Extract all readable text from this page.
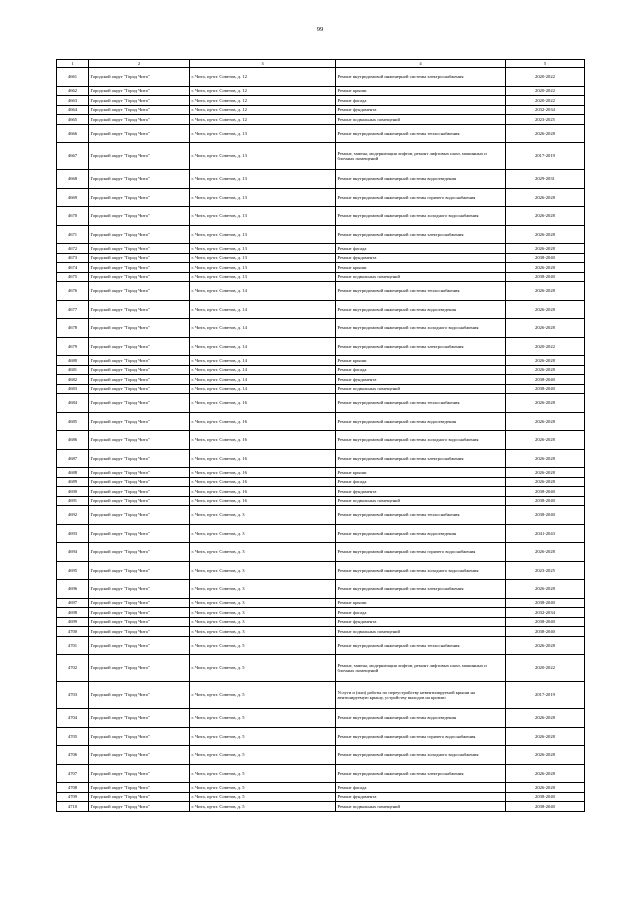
99
1	2	3	4	5
4661	Городской округ "Город Чита"	г. Чита, пр-кт. Советов, д. 12	Ремонт внутридомовой инженерной системы электроснабжения	2020-2022
4662	Городской округ "Город Чита"	г. Чита, пр-кт. Советов, д. 12	Ремонт крыши	2020-2022
4663	Городской округ "Город Чита"	г. Чита, пр-кт. Советов, д. 12	Ремонт фасада	2020-2022
4664	Городской округ "Город Чита"	г. Чита, пр-кт. Советов, д. 12	Ремонт фундамента	2032-2034
4665	Городской округ "Город Чита"	г. Чита, пр-кт. Советов, д. 12	Ремонт подвальных помещений	2023-2025
4666	Городской округ "Город Чита"	г. Чита, пр-кт. Советов, д. 13	Ремонт внутридомовой инженерной системы теплоснабжения	2026-2028
4667	Городской округ "Город Чита"	г. Чита, пр-кт. Советов, д. 13	Ремонт, замена, модернизация лифтов, ремонт лифтовых шахт, машинных и блочных помещений	2017-2019
4668	Городской округ "Город Чита"	г. Чита, пр-кт. Советов, д. 13	Ремонт внутридомовой инженерной системы водоотведения	2029-2031
4669	Городской округ "Город Чита"	г. Чита, пр-кт. Советов, д. 13	Ремонт внутридомовой инженерной системы горячего водоснабжения	2026-2028
4670	Городской округ "Город Чита"	г. Чита, пр-кт. Советов, д. 13	Ремонт внутридомовой инженерной системы холодного водоснабжения	2026-2028
4671	Городской округ "Город Чита"	г. Чита, пр-кт. Советов, д. 13	Ремонт внутридомовой инженерной системы электроснабжения	2026-2028
4672	Городской округ "Город Чита"	г. Чита, пр-кт. Советов, д. 13	Ремонт фасада	2026-2028
4673	Городской округ "Город Чита"	г. Чита, пр-кт. Советов, д. 13	Ремонт фундамента	2038-2040
4674	Городской округ "Город Чита"	г. Чита, пр-кт. Советов, д. 13	Ремонт крыши	2026-2028
4675	Городской округ "Город Чита"	г. Чита, пр-кт. Советов, д. 13	Ремонт подвальных помещений	2038-2040
4676	Городской округ "Город Чита"	г. Чита, пр-кт. Советов, д. 14	Ремонт внутридомовой инженерной системы теплоснабжения	2026-2028
4677	Городской округ "Город Чита"	г. Чита, пр-кт. Советов, д. 14	Ремонт внутридомовой инженерной системы водоотведения	2026-2028
4678	Городской округ "Город Чита"	г. Чита, пр-кт. Советов, д. 14	Ремонт внутридомовой инженерной системы холодного водоснабжения	2026-2028
4679	Городской округ "Город Чита"	г. Чита, пр-кт. Советов, д. 14	Ремонт внутридомовой инженерной системы электроснабжения	2020-2022
4680	Городской округ "Город Чита"	г. Чита, пр-кт. Советов, д. 14	Ремонт крыши	2026-2028
4681	Городской округ "Город Чита"	г. Чита, пр-кт. Советов, д. 14	Ремонт фасада	2026-2028
4682	Городской округ "Город Чита"	г. Чита, пр-кт. Советов, д. 14	Ремонт фундамента	2038-2040
4683	Городской округ "Город Чита"	г. Чита, пр-кт. Советов, д. 14	Ремонт подвальных помещений	2038-2040
4684	Городской округ "Город Чита"	г. Чита, пр-кт. Советов, д. 16	Ремонт внутридомовой инженерной системы теплоснабжения	2026-2028
4685	Городской округ "Город Чита"	г. Чита, пр-кт. Советов, д. 16	Ремонт внутридомовой инженерной системы водоотведения	2026-2028
4686	Городской округ "Город Чита"	г. Чита, пр-кт. Советов, д. 16	Ремонт внутридомовой инженерной системы холодного водоснабжения	2026-2028
4687	Городской округ "Город Чита"	г. Чита, пр-кт. Советов, д. 16	Ремонт внутридомовой инженерной системы электроснабжения	2026-2028
4688	Городской округ "Город Чита"	г. Чита, пр-кт. Советов, д. 16	Ремонт крыши	2026-2028
4689	Городской округ "Город Чита"	г. Чита, пр-кт. Советов, д. 16	Ремонт фасада	2026-2028
4690	Городской округ "Город Чита"	г. Чита, пр-кт. Советов, д. 16	Ремонт фундамента	2038-2040
4691	Городской округ "Город Чита"	г. Чита, пр-кт. Советов, д. 16	Ремонт подвальных помещений	2038-2040
4692	Городской округ "Город Чита"	г. Чита, пр-кт. Советов, д. 3	Ремонт внутридомовой инженерной системы теплоснабжения	2038-2040
4693	Городской округ "Город Чита"	г. Чита, пр-кт. Советов, д. 3	Ремонт внутридомовой инженерной системы водоотведения	2041-2043
4694	Городской округ "Город Чита"	г. Чита, пр-кт. Советов, д. 3	Ремонт внутридомовой инженерной системы горячего водоснабжения	2026-2028
4695	Городской округ "Город Чита"	г. Чита, пр-кт. Советов, д. 3	Ремонт внутридомовой инженерной системы холодного водоснабжения	2023-2025
4696	Городской округ "Город Чита"	г. Чита, пр-кт. Советов, д. 3	Ремонт внутридомовой инженерной системы электроснабжения	2026-2028
4697	Городской округ "Город Чита"	г. Чита, пр-кт. Советов, д. 3	Ремонт крыши	2038-2040
4698	Городской округ "Город Чита"	г. Чита, пр-кт. Советов, д. 3	Ремонт фасада	2032-2034
4699	Городской округ "Город Чита"	г. Чита, пр-кт. Советов, д. 3	Ремонт фундамента	2038-2040
4700	Городской округ "Город Чита"	г. Чита, пр-кт. Советов, д. 3	Ремонт подвальных помещений	2038-2040
4701	Городской округ "Город Чита"	г. Чита, пр-кт. Советов, д. 5	Ремонт внутридомовой инженерной системы теплоснабжения	2026-2028
4702	Городской округ "Город Чита"	г. Чита, пр-кт. Советов, д. 5	Ремонт, замена, модернизация лифтов, ремонт лифтовых шахт, машинных и блочных помещений	2020-2022
4703	Городской округ "Город Чита"	г. Чита, пр-кт. Советов, д. 5	Услуги и (или) работы по переустройству невентилируемой крыши на вентилируемую крышу, устройству выходов на кровлю	2017-2019
4704	Городской округ "Город Чита"	г. Чита, пр-кт. Советов, д. 5	Ремонт внутридомовой инженерной системы водоотведения	2026-2028
4705	Городской округ "Город Чита"	г. Чита, пр-кт. Советов, д. 5	Ремонт внутридомовой инженерной системы горячего водоснабжения	2026-2028
4706	Городской округ "Город Чита"	г. Чита, пр-кт. Советов, д. 5	Ремонт внутридомовой инженерной системы холодного водоснабжения	2026-2028
4707	Городской округ "Город Чита"	г. Чита, пр-кт. Советов, д. 5	Ремонт внутридомовой инженерной системы электроснабжения	2026-2028
4708	Городской округ "Город Чита"	г. Чита, пр-кт. Советов, д. 5	Ремонт фасада	2026-2028
4709	Городской округ "Город Чита"	г. Чита, пр-кт. Советов, д. 5	Ремонт фундамента	2038-2040
4710	Городской округ "Город Чита"	г. Чита, пр-кт. Советов, д. 5	Ремонт подвальных помещений	2038-2040
